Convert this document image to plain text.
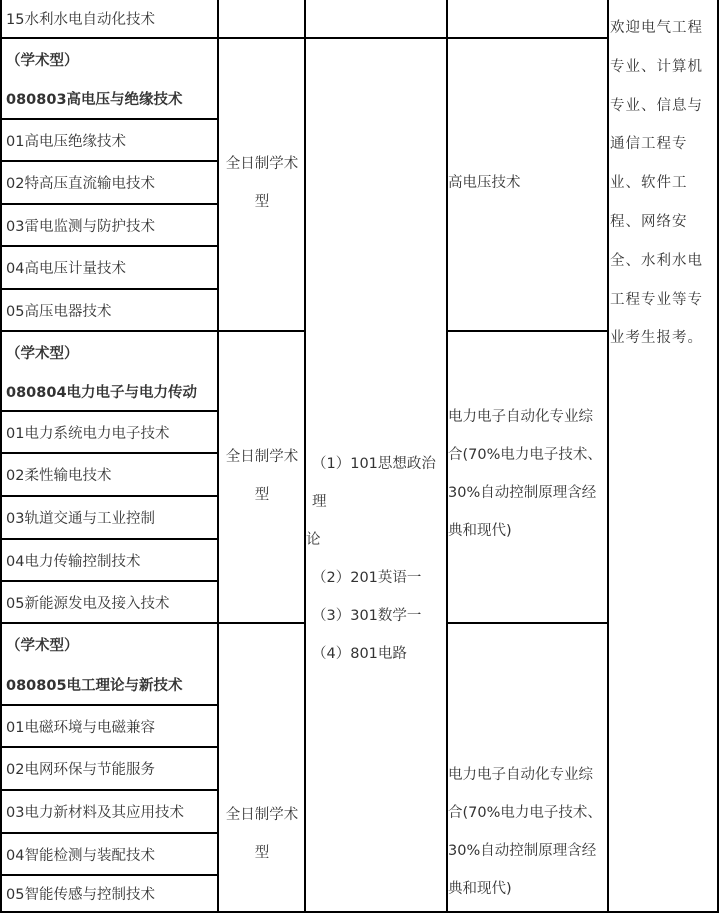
15水利水电自动化技术
（学术型）
080803高电压与绝缘技术
01高电压绝缘技术
02特高压直流输电技术
03雷电监测与防护技术
04高电压计量技术
05高压电器技术
（学术型）
080804电力电子与电力传动
01电力系统电力电子技术
02柔性输电技术
03轨道交通与工业控制
04电力传输控制技术
05新能源发电及接入技术
（学术型）
080805电工理论与新技术
01电磁环境与电磁兼容
02电网环保与节能服务
03电力新材料及其应用技术
04智能检测与装配技术
05智能传感与控制技术
全日制学术
型
全日制学术
型
全日制学术
型
（1）101思想政治理
论
（2）201英语一
（3）301数学一
（4）801电路
高电压技术
电力电子自动化专业综
合(70%电力电子技术、
30%自动控制原理含经
典和现代)
电力电子自动化专业综
合(70%电力电子技术、
30%自动控制原理含经
典和现代)
欢迎电气工程
专业、计算机
专业、信息与
通信工程专
业、软件工
程、网络安
全、水利水电
工程专业等专
业考生报考。
